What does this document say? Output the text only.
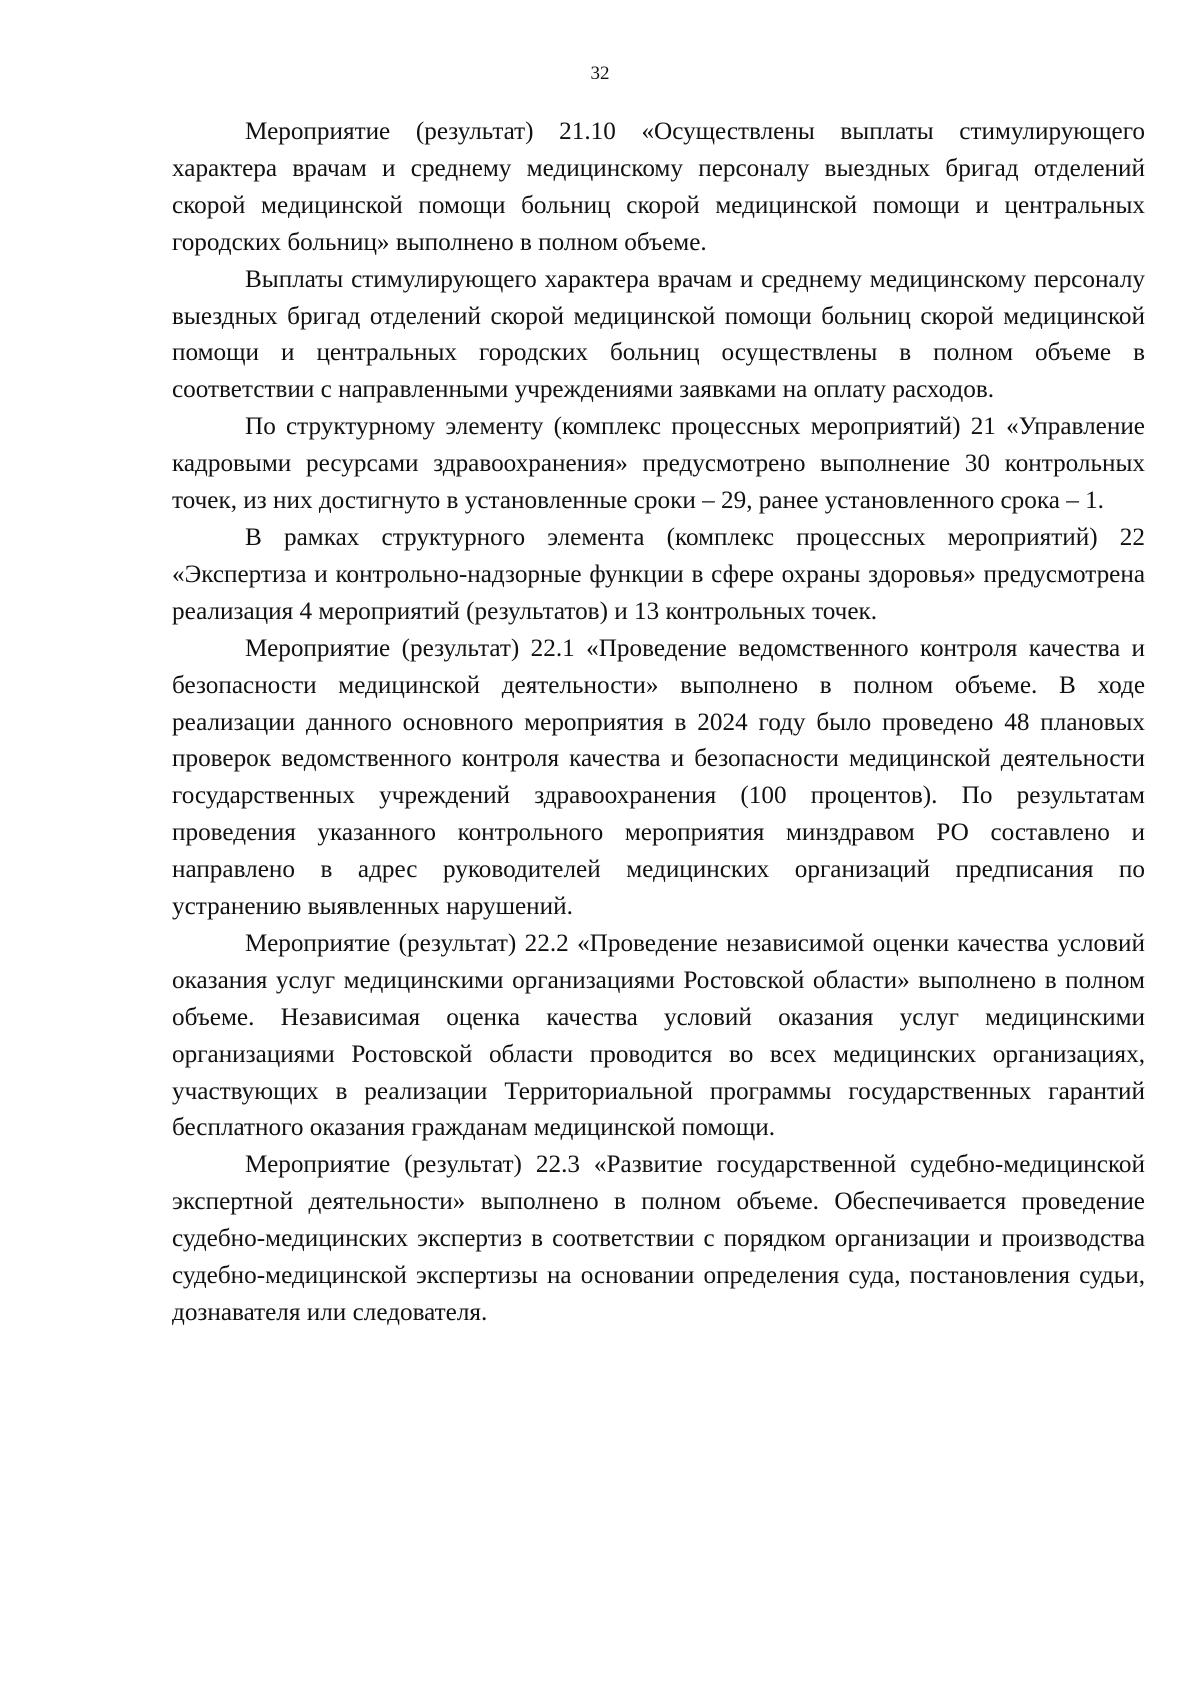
32

Мероприятие (результат) 21.10 «Осуществлены выплаты стимулирующего характера врачам и среднему медицинскому персоналу выездных бригад отделений скорой медицинской помощи больниц скорой медицинской помощи и центральных городских больниц» выполнено в полном объеме.

Выплаты стимулирующего характера врачам и среднему медицинскому персоналу выездных бригад отделений скорой медицинской помощи больниц скорой медицинской помощи и центральных городских больниц осуществлены в полном объеме в соответствии с направленными учреждениями заявками на оплату расходов.

По структурному элементу (комплекс процессных мероприятий) 21 «Управление кадровыми ресурсами здравоохранения» предусмотрено выполнение 30 контрольных точек, из них достигнуто в установленные сроки – 29, ранее установленного срока – 1.

В рамках структурного элемента (комплекс процессных мероприятий) 22 «Экспертиза и контрольно-надзорные функции в сфере охраны здоровья» предусмотрена реализация 4 мероприятий (результатов) и 13 контрольных точек.

Мероприятие (результат) 22.1 «Проведение ведомственного контроля качества и безопасности медицинской деятельности» выполнено в полном объеме. В ходе реализации данного основного мероприятия в 2024 году было проведено 48 плановых проверок ведомственного контроля качества и безопасности медицинской деятельности государственных учреждений здравоохранения (100 процентов). По результатам проведения указанного контрольного мероприятия минздравом РО составлено и направлено в адрес руководителей медицинских организаций предписания по устранению выявленных нарушений.

Мероприятие (результат) 22.2 «Проведение независимой оценки качества условий оказания услуг медицинскими организациями Ростовской области» выполнено в полном объеме. Независимая оценка качества условий оказания услуг медицинскими организациями Ростовской области проводится во всех медицинских организациях, участвующих в реализации Территориальной программы государственных гарантий бесплатного оказания гражданам медицинской помощи.

Мероприятие (результат) 22.3 «Развитие государственной судебно-медицинской экспертной деятельности» выполнено в полном объеме. Обеспечивается проведение судебно-медицинских экспертиз в соответствии с порядком организации и производства судебно-медицинской экспертизы на основании определения суда, постановления судьи, дознавателя или следователя.
